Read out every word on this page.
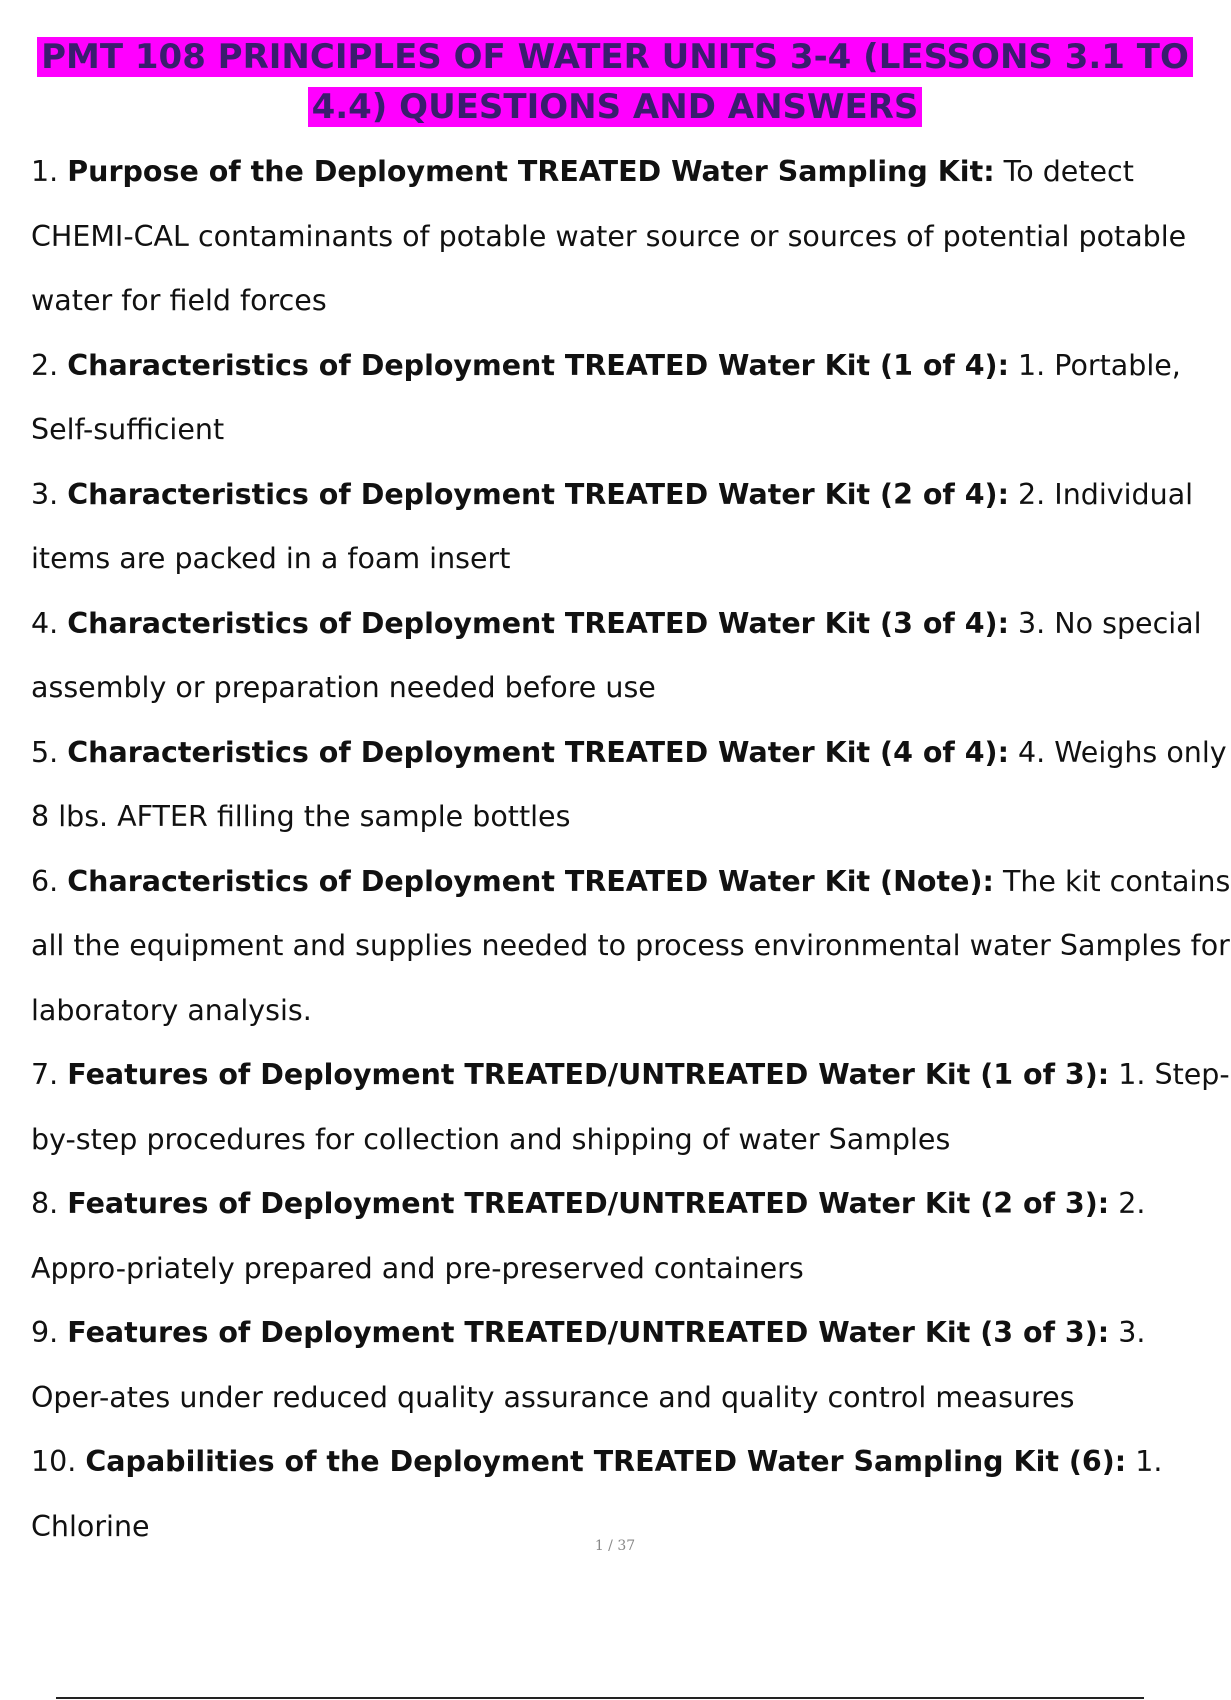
PMT 108 PRINCIPLES OF WATER UNITS 3-4 (LESSONS 3.1 TO
4.4) QUESTIONS AND ANSWERS
1. Purpose of the Deployment TREATED Water Sampling Kit: To detect CHEMI-CAL contaminants of potable water source or sources of potential potable water for field forces
2. Characteristics of Deployment TREATED Water Kit (1 of 4): 1. Portable, Self-sufficient
3. Characteristics of Deployment TREATED Water Kit (2 of 4): 2. Individual items are packed in a foam insert
4. Characteristics of Deployment TREATED Water Kit (3 of 4): 3. No special assembly or preparation needed before use
5. Characteristics of Deployment TREATED Water Kit (4 of 4): 4. Weighs only 8 lbs. AFTER filling the sample bottles
6. Characteristics of Deployment TREATED Water Kit (Note): The kit contains all the equipment and supplies needed to process environmental water Samples for laboratory analysis.
7. Features of Deployment TREATED/UNTREATED Water Kit (1 of 3): 1. Step-by-step procedures for collection and shipping of water Samples
8. Features of Deployment TREATED/UNTREATED Water Kit (2 of 3): 2. Appro-priately prepared and pre-preserved containers
9. Features of Deployment TREATED/UNTREATED Water Kit (3 of 3): 3. Oper-ates under reduced quality assurance and quality control measures
10. Capabilities of the Deployment TREATED Water Sampling Kit (6): 1. Chlorine
1 / 37
